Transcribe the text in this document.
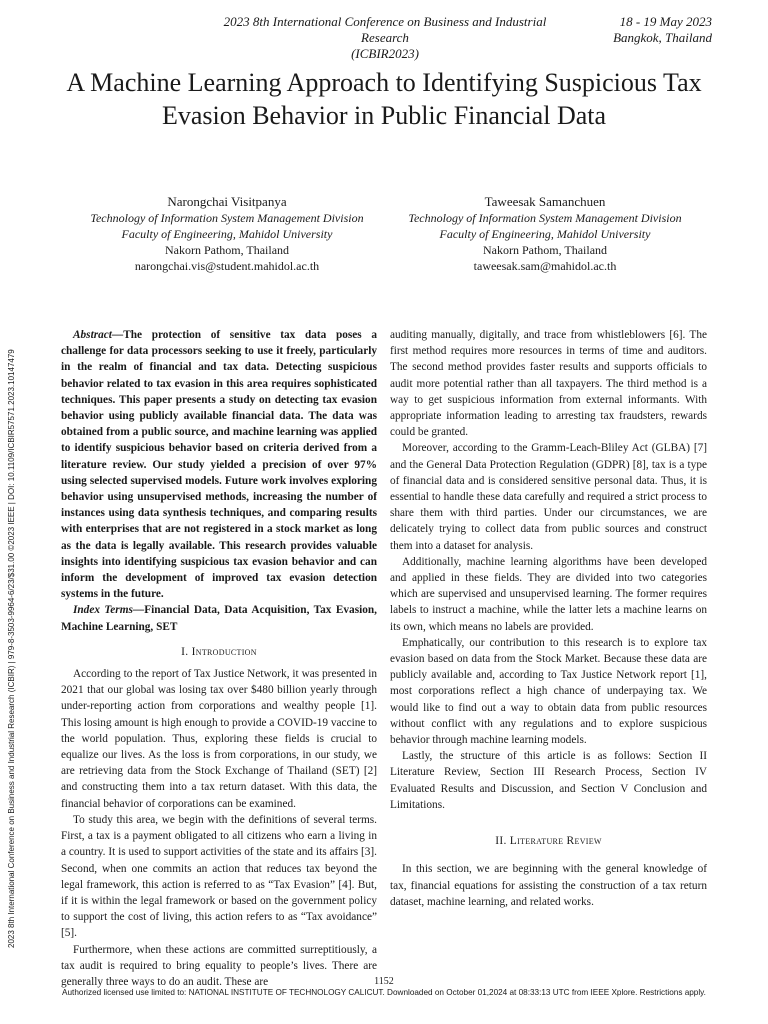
2023 8th International Conference on Business and Industrial Research
(ICBIR2023)
18 - 19 May 2023
Bangkok, Thailand
A Machine Learning Approach to Identifying Suspicious Tax Evasion Behavior in Public Financial Data
Narongchai Visitpanya
Technology of Information System Management Division
Faculty of Engineering, Mahidol University
Nakorn Pathom, Thailand
narongchai.vis@student.mahidol.ac.th
Taweesak Samanchuen
Technology of Information System Management Division
Faculty of Engineering, Mahidol University
Nakorn Pathom, Thailand
taweesak.sam@mahidol.ac.th
2023 8th International Conference on Business and Industrial Research (ICBIR) | 979-8-3503-9964-6/23/$31.00 ©2023 IEEE | DOI: 10.1109/ICBIR57571.2023.10147479

Abstract—The protection of sensitive tax data poses a challenge for data processors seeking to use it freely, particularly in the realm of financial and tax data. Detecting suspicious behavior related to tax evasion in this area requires sophisticated techniques. This paper presents a study on detecting tax evasion behavior using publicly available financial data. The data was obtained from a public source, and machine learning was applied to identify suspicious behavior based on criteria derived from a literature review. Our study yielded a precision of over 97% using selected supervised models. Future work involves exploring behavior using unsupervised methods, increasing the number of instances using data synthesis techniques, and comparing results with enterprises that are not registered in a stock market as long as the data is legally available. This research provides valuable insights into identifying suspicious tax evasion behavior and can inform the development of improved tax evasion detection systems in the future.

Index Terms—Financial Data, Data Acquisition, Tax Evasion, Machine Learning, SET

I. Introduction

According to the report of Tax Justice Network, it was presented in 2021 that our global was losing tax over $480 billion yearly through under-reporting action from corporations and wealthy people [1]. This losing amount is high enough to provide a COVID-19 vaccine to the world population. Thus, exploring these fields is crucial to equalize our lives. As the loss is from corporations, in our study, we are retrieving data from the Stock Exchange of Thailand (SET) [2] and constructing them into a tax return dataset. With this data, the financial behavior of corporations can be examined.

To study this area, we begin with the definitions of several terms. First, a tax is a payment obligated to all citizens who earn a living in a country. It is used to support activities of the state and its affairs [3]. Second, when one commits an action that reduces tax beyond the legal framework, this action is referred to as “Tax Evasion” [4]. But, if it is within the legal framework or based on the government policy to support the cost of living, this action refers to as “Tax avoidance” [5].

Furthermore, when these actions are committed surreptitiously, a tax audit is required to bring equality to people’s lives. There are generally three ways to do an audit. These are

auditing manually, digitally, and trace from whistleblowers [6]. The first method requires more resources in terms of time and auditors. The second method provides faster results and supports officials to audit more potential rather than all taxpayers. The third method is a way to get suspicious information from external informants. With appropriate information leading to arresting tax fraudsters, rewards could be granted.

Moreover, according to the Gramm-Leach-Bliley Act (GLBA) [7] and the General Data Protection Regulation (GDPR) [8], tax is a type of financial data and is considered sensitive personal data. Thus, it is essential to handle these data carefully and required a strict process to share them with third parties. Under our circumstances, we are delicately trying to collect data from public sources and construct them into a dataset for analysis.

Additionally, machine learning algorithms have been developed and applied in these fields. They are divided into two categories which are supervised and unsupervised learning. The former requires labels to instruct a machine, while the latter lets a machine learns on its own, which means no labels are provided.

Emphatically, our contribution to this research is to explore tax evasion based on data from the Stock Market. Because these data are publicly available and, according to Tax Justice Network report [1], most corporations reflect a high chance of underpaying tax. We would like to find out a way to obtain data from public resources without conflict with any regulations and to explore suspicious behavior through machine learning models.

Lastly, the structure of this article is as follows: Section II Literature Review, Section III Research Process, Section IV Evaluated Results and Discussion, and Section V Conclusion and Limitations.

II. Literature Review

In this section, we are beginning with the general knowledge of tax, financial equations for assisting the construction of a tax return dataset, machine learning, and related works.

1152
Authorized licensed use limited to: NATIONAL INSTITUTE OF TECHNOLOGY CALICUT. Downloaded on October 01,2024 at 08:33:13 UTC from IEEE Xplore. Restrictions apply.
